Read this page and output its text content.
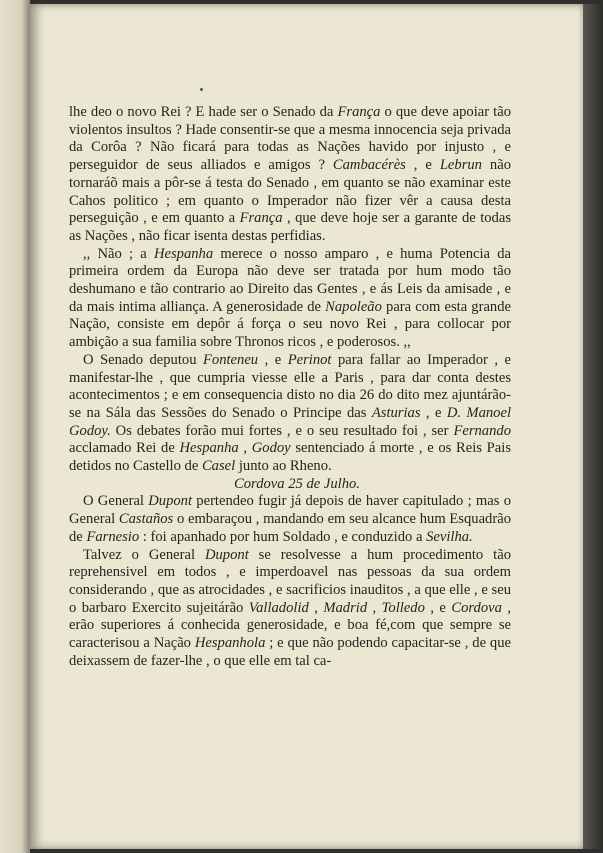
lhe deo o novo Rei ? E hade ser o Senado da França o que deve apoiar tão violentos insultos ? Hade consentir-se que a mesma innocencia seja privada da Corôa ? Não ficará para todas as Nações havido por injusto , e perseguidor de seus alliados e amigos ? Cambacérès , e Lebrun não tornaráõ mais a pôr-se á testa do Senado , em quanto se não examinar este Cahos politico ; em quanto o Imperador não fizer vêr a causa desta perseguição , e em quanto a França , que deve hoje ser a garante de todas as Nações , não ficar isenta destas perfidias.

,, Não ; a Hespanha merece o nosso amparo , e huma Potencia da primeira ordem da Europa não deve ser tratada por hum modo tão deshumano e tão contrario ao Direito das Gentes , e ás Leis da amisade , e da mais intima alliança. A generosidade de Napoleão para com esta grande Nação, consiste em depôr á força o seu novo Rei , para collocar por ambição a sua familia sobre Thronos ricos , e poderosos. ,,

O Senado deputou Fonteneu , e Perinot para fallar ao Imperador , e manifestar-lhe , que cumpria viesse elle a Paris , para dar conta destes acontecimentos ; e em consequencia disto no dia 26 do dito mez ajuntárão-se na Sála das Sessões do Senado o Principe das Asturias , e D. Manoel Godoy. Os debates forão mui fortes , e o seu resultado foi , ser Fernando acclamado Rei de Hespanha , Godoy sentenciado á morte , e os Reis Pais detidos no Castello de Casel junto ao Rheno.

Cordova 25 de Julho.

O General Dupont pertendeo fugir já depois de haver capitulado ; mas o General Castaños o embaraçou , mandando em seu alcance hum Esquadrão de Farnesio : foi apanhado por hum Soldado , e conduzido a Sevilha.

Talvez o General Dupont se resolvesse a hum procedimento tão reprehensivel em todos , e imperdoavel nas pessoas da sua ordem considerando , que as atrocidades , e sacrificios inauditos , a que elle , e seu o barbaro Exercito sujeitárão Valladolid , Madrid , Tolledo , e Cordova , erão superiores á conhecida generosidade, e boa fé,com que sempre se caracterisou a Nação Hespanhola ; e que não podendo capacitar-se , de que deixassem de fazer-lhe , o que elle em tal ca-
